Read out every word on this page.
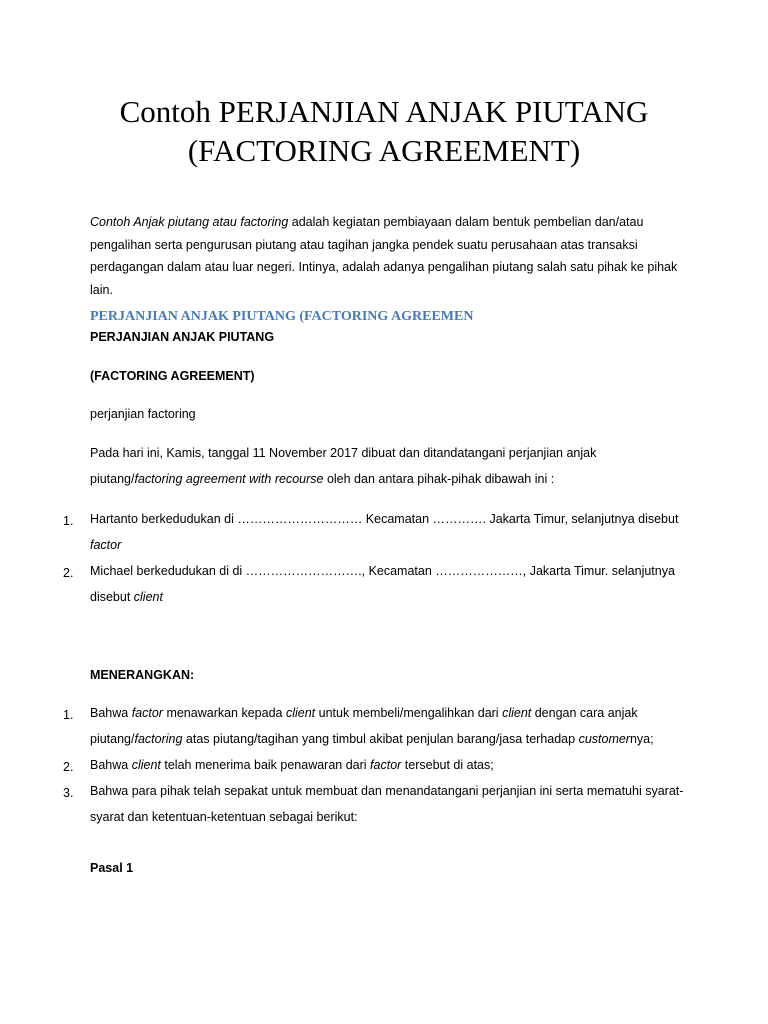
Contoh PERJANJIAN ANJAK PIUTANG
(FACTORING AGREEMENT)

Contoh Anjak piutang atau factoring adalah kegiatan pembiayaan dalam bentuk pembelian dan/atau pengalihan serta pengurusan piutang atau tagihan jangka pendek suatu perusahaan atas transaksi perdagangan dalam atau luar negeri. Intinya, adalah adanya pengalihan piutang salah satu pihak ke pihak lain.

PERJANJIAN ANJAK PIUTANG (FACTORING AGREEMEN

PERJANJIAN ANJAK PIUTANG

(FACTORING AGREEMENT)

perjanjian factoring

Pada hari ini, Kamis, tanggal 11 November 2017 dibuat dan ditandatangani perjanjian anjak piutang/factoring agreement with recourse oleh dan antara pihak-pihak dibawah ini :

1. Hartanto berkedudukan di ………………………… Kecamatan …………. Jakarta Timur, selanjutnya disebut factor

2. Michael berkedudukan di di ………………………., Kecamatan …………………, Jakarta Timur. selanjutnya disebut client

MENERANGKAN:

1. Bahwa factor menawarkan kepada client untuk membeli/mengalihkan dari client dengan cara anjak piutang/factoring atas piutang/tagihan yang timbul akibat penjulan barang/jasa terhadap customernya;

2. Bahwa client telah menerima baik penawaran dari factor tersebut di atas;

3. Bahwa para pihak telah sepakat untuk membuat dan menandatangani perjanjian ini serta mematuhi syarat-syarat dan ketentuan-ketentuan sebagai berikut:

Pasal 1
